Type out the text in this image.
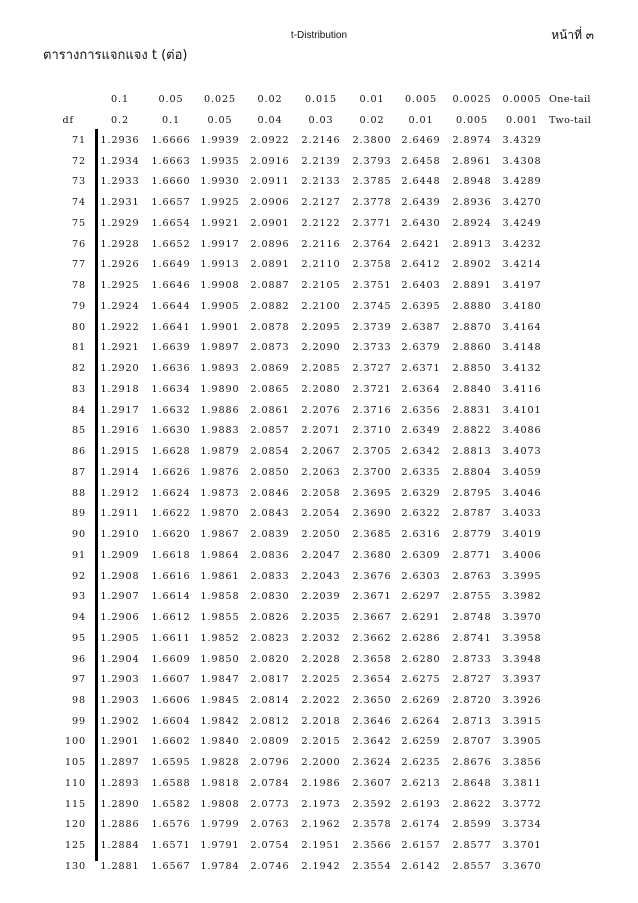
t-Distribution	หน้าที่ ๓
ตารางการแจกแจง t (ต่อ)
0.1	0.05 0.025 0.02 0.015 0.01 0.005 0.0025 0.0005 One-tail
df	0.2	0.1	0.05	0.04	0.03	0.02	0.01 0.005 0.001 Two-tail
71 1.2936 1.6666 1.9939 2.0922 2.2146 2.3800 2.6469 2.8974 3.4329
72 1.2934 1.6663 1.9935 2.0916 2.2139 2.3793 2.6458 2.8961 3.4308
73 1.2933 1.6660 1.9930 2.0911 2.2133 2.3785 2.6448 2.8948 3.4289
74 1.2931 1.6657 1.9925 2.0906 2.2127 2.3778 2.6439 2.8936 3.4270
75 1.2929 1.6654 1.9921 2.0901 2.2122 2.3771 2.6430 2.8924 3.4249
76 1.2928 1.6652 1.9917 2.0896 2.2116 2.3764 2.6421 2.8913 3.4232
77 1.2926 1.6649 1.9913 2.0891 2.2110 2.3758 2.6412 2.8902 3.4214
78 1.2925 1.6646 1.9908 2.0887 2.2105 2.3751 2.6403 2.8891 3.4197
79 1.2924 1.6644 1.9905 2.0882 2.2100 2.3745 2.6395 2.8880 3.4180
80 1.2922 1.6641 1.9901 2.0878 2.2095 2.3739 2.6387 2.8870 3.4164
81 1.2921 1.6639 1.9897 2.0873 2.2090 2.3733 2.6379 2.8860 3.4148
82 1.2920 1.6636 1.9893 2.0869 2.2085 2.3727 2.6371 2.8850 3.4132
83 1.2918 1.6634 1.9890 2.0865 2.2080 2.3721 2.6364 2.8840 3.4116
84 1.2917 1.6632 1.9886 2.0861 2.2076 2.3716 2.6356 2.8831 3.4101
85 1.2916 1.6630 1.9883 2.0857 2.2071 2.3710 2.6349 2.8822 3.4086
86 1.2915 1.6628 1.9879 2.0854 2.2067 2.3705 2.6342 2.8813 3.4073
87 1.2914 1.6626 1.9876 2.0850 2.2063 2.3700 2.6335 2.8804 3.4059
88 1.2912 1.6624 1.9873 2.0846 2.2058 2.3695 2.6329 2.8795 3.4046
89 1.2911 1.6622 1.9870 2.0843 2.2054 2.3690 2.6322 2.8787 3.4033
90 1.2910 1.6620 1.9867 2.0839 2.2050 2.3685 2.6316 2.8779 3.4019
91 1.2909 1.6618 1.9864 2.0836 2.2047 2.3680 2.6309 2.8771 3.4006
92 1.2908 1.6616 1.9861 2.0833 2.2043 2.3676 2.6303 2.8763 3.3995
93 1.2907 1.6614 1.9858 2.0830 2.2039 2.3671 2.6297 2.8755 3.3982
94 1.2906 1.6612 1.9855 2.0826 2.2035 2.3667 2.6291 2.8748 3.3970
95 1.2905 1.6611 1.9852 2.0823 2.2032 2.3662 2.6286 2.8741 3.3958
96 1.2904 1.6609 1.9850 2.0820 2.2028 2.3658 2.6280 2.8733 3.3948
97 1.2903 1.6607 1.9847 2.0817 2.2025 2.3654 2.6275 2.8727 3.3937
98 1.2903 1.6606 1.9845 2.0814 2.2022 2.3650 2.6269 2.8720 3.3926
99 1.2902 1.6604 1.9842 2.0812 2.2018 2.3646 2.6264 2.8713 3.3915
100 1.2901 1.6602 1.9840 2.0809 2.2015 2.3642 2.6259 2.8707 3.3905
105 1.2897 1.6595 1.9828 2.0796 2.2000 2.3624 2.6235 2.8676 3.3856
110 1.2893 1.6588 1.9818 2.0784 2.1986 2.3607 2.6213 2.8648 3.3811
115 1.2890 1.6582 1.9808 2.0773 2.1973 2.3592 2.6193 2.8622 3.3772
120 1.2886 1.6576 1.9799 2.0763 2.1962 2.3578 2.6174 2.8599 3.3734
125 1.2884 1.6571 1.9791 2.0754 2.1951 2.3566 2.6157 2.8577 3.3701
130 1.2881 1.6567 1.9784 2.0746 2.1942 2.3554 2.6142 2.8557 3.3670
